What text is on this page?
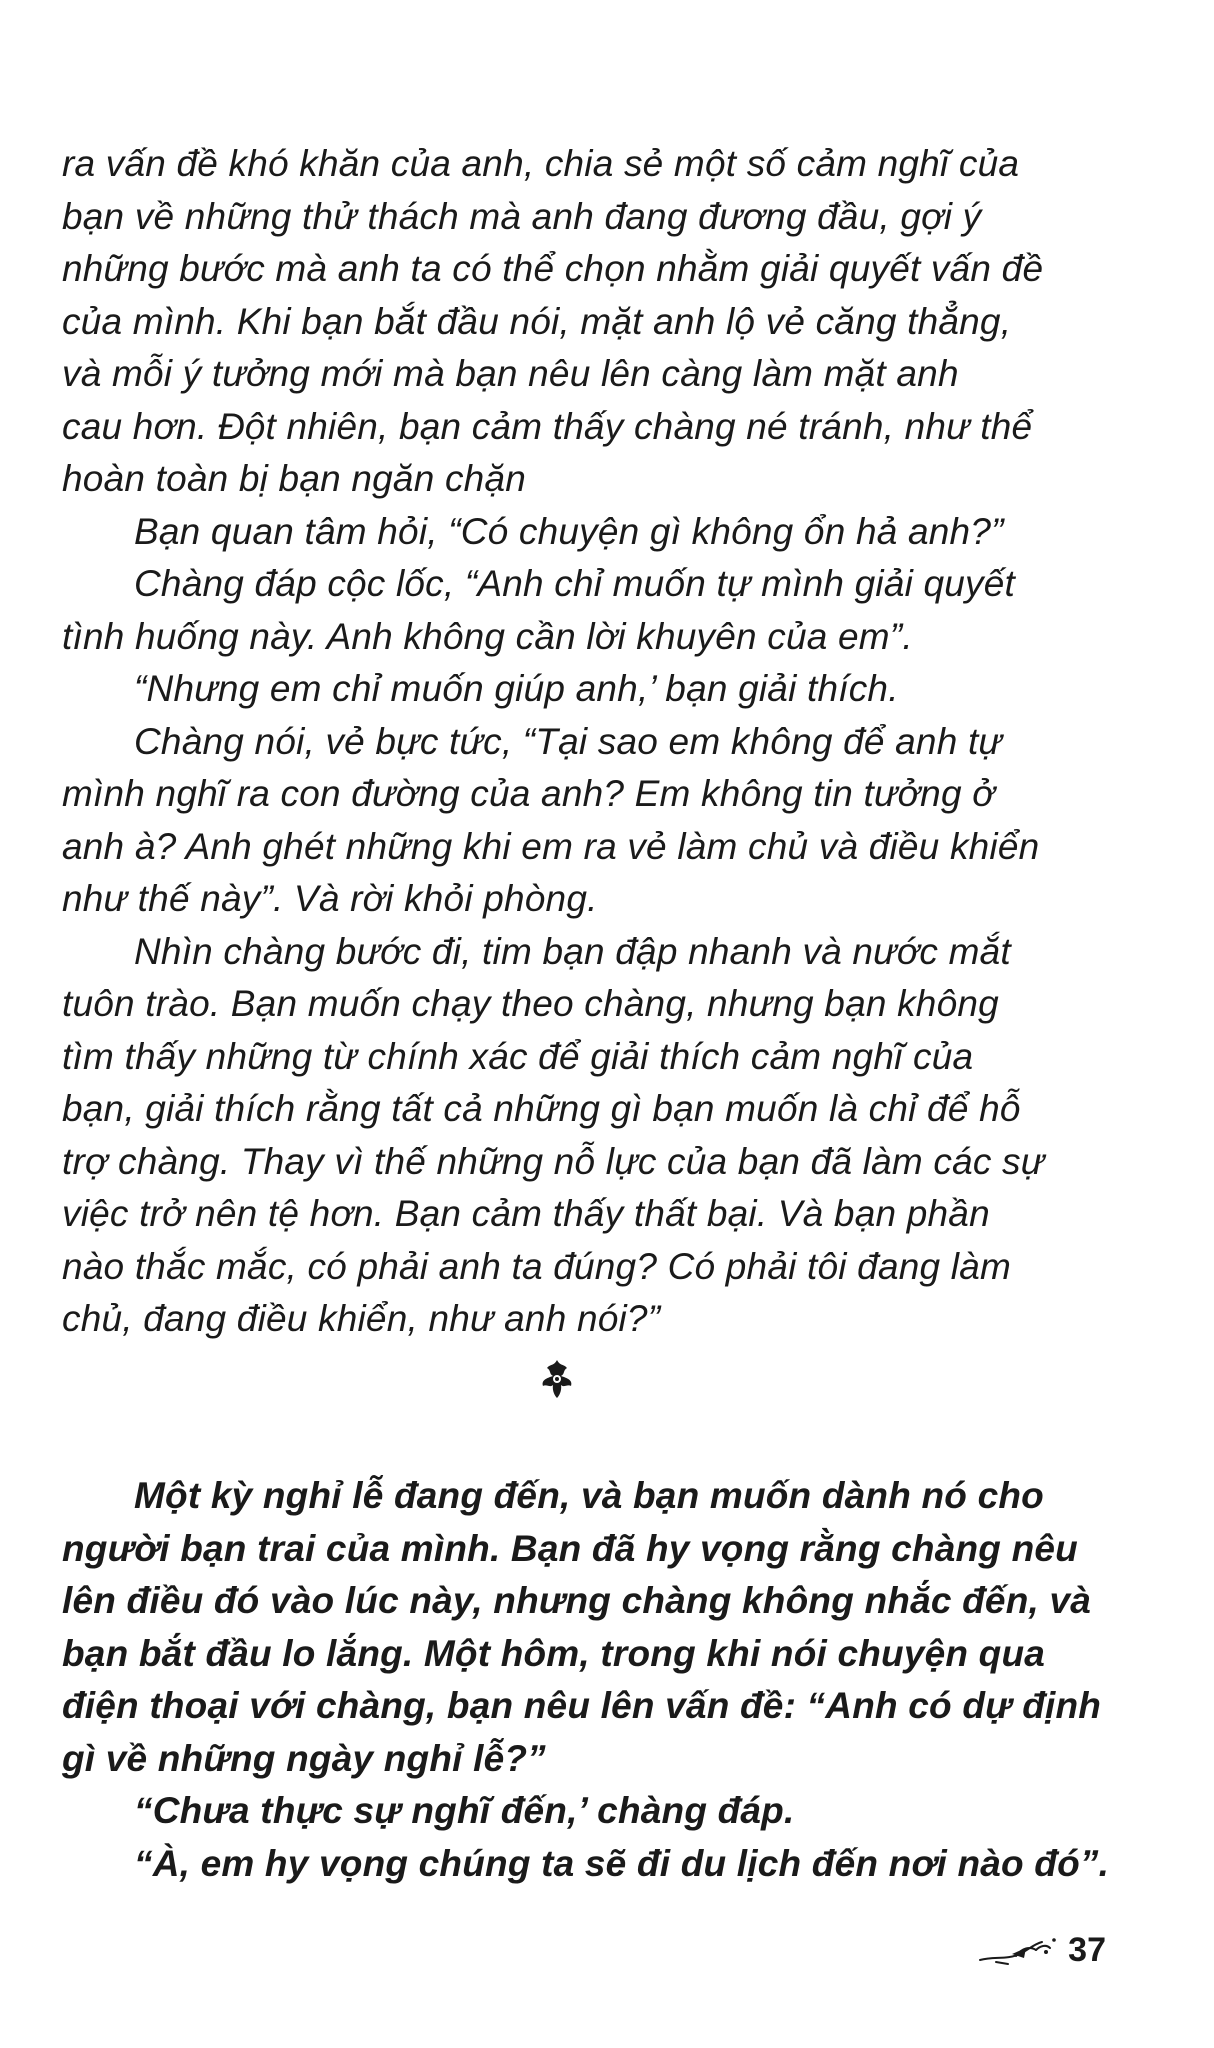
ra vấn đề khó khăn của anh, chia sẻ một số cảm nghĩ của
bạn về những thử thách mà anh đang đương đầu, gợi ý
những bước mà anh ta có thể chọn nhằm giải quyết vấn đề
của mình. Khi bạn bắt đầu nói, mặt anh lộ vẻ căng thẳng,
và mỗi ý tưởng mới mà bạn nêu lên càng làm mặt anh
cau hơn. Đột nhiên, bạn cảm thấy chàng né tránh, như thể
hoàn toàn bị bạn ngăn chặn

Bạn quan tâm hỏi, “Có chuyện gì không ổn hả anh?”

Chàng đáp cộc lốc, “Anh chỉ muốn tự mình giải quyết
tình huống này. Anh không cần lời khuyên của em”.

“Nhưng em chỉ muốn giúp anh,’ bạn giải thích.

Chàng nói, vẻ bực tức, “Tại sao em không để anh tự
mình nghĩ ra con đường của anh? Em không tin tưởng ở
anh à? Anh ghét những khi em ra vẻ làm chủ và điều khiển
như thế này”. Và rời khỏi phòng.

Nhìn chàng bước đi, tim bạn đập nhanh và nước mắt
tuôn trào. Bạn muốn chạy theo chàng, nhưng bạn không
tìm thấy những từ chính xác để giải thích cảm nghĩ của
bạn, giải thích rằng tất cả những gì bạn muốn là chỉ để hỗ
trợ chàng. Thay vì thế những nỗ lực của bạn đã làm các sự
việc trở nên tệ hơn. Bạn cảm thấy thất bại. Và bạn phần
nào thắc mắc, có phải anh ta đúng? Có phải tôi đang làm
chủ, đang điều khiển, như anh nói?”

Một kỳ nghỉ lễ đang đến, và bạn muốn dành nó cho
người bạn trai của mình. Bạn đã hy vọng rằng chàng nêu
lên điều đó vào lúc này, nhưng chàng không nhắc đến, và
bạn bắt đầu lo lắng. Một hôm, trong khi nói chuyện qua
điện thoại với chàng, bạn nêu lên vấn đề: “Anh có dự định
gì về những ngày nghỉ lễ?”

“Chưa thực sự nghĩ đến,’ chàng đáp.

“À, em hy vọng chúng ta sẽ đi du lịch đến nơi nào đó”.

37
